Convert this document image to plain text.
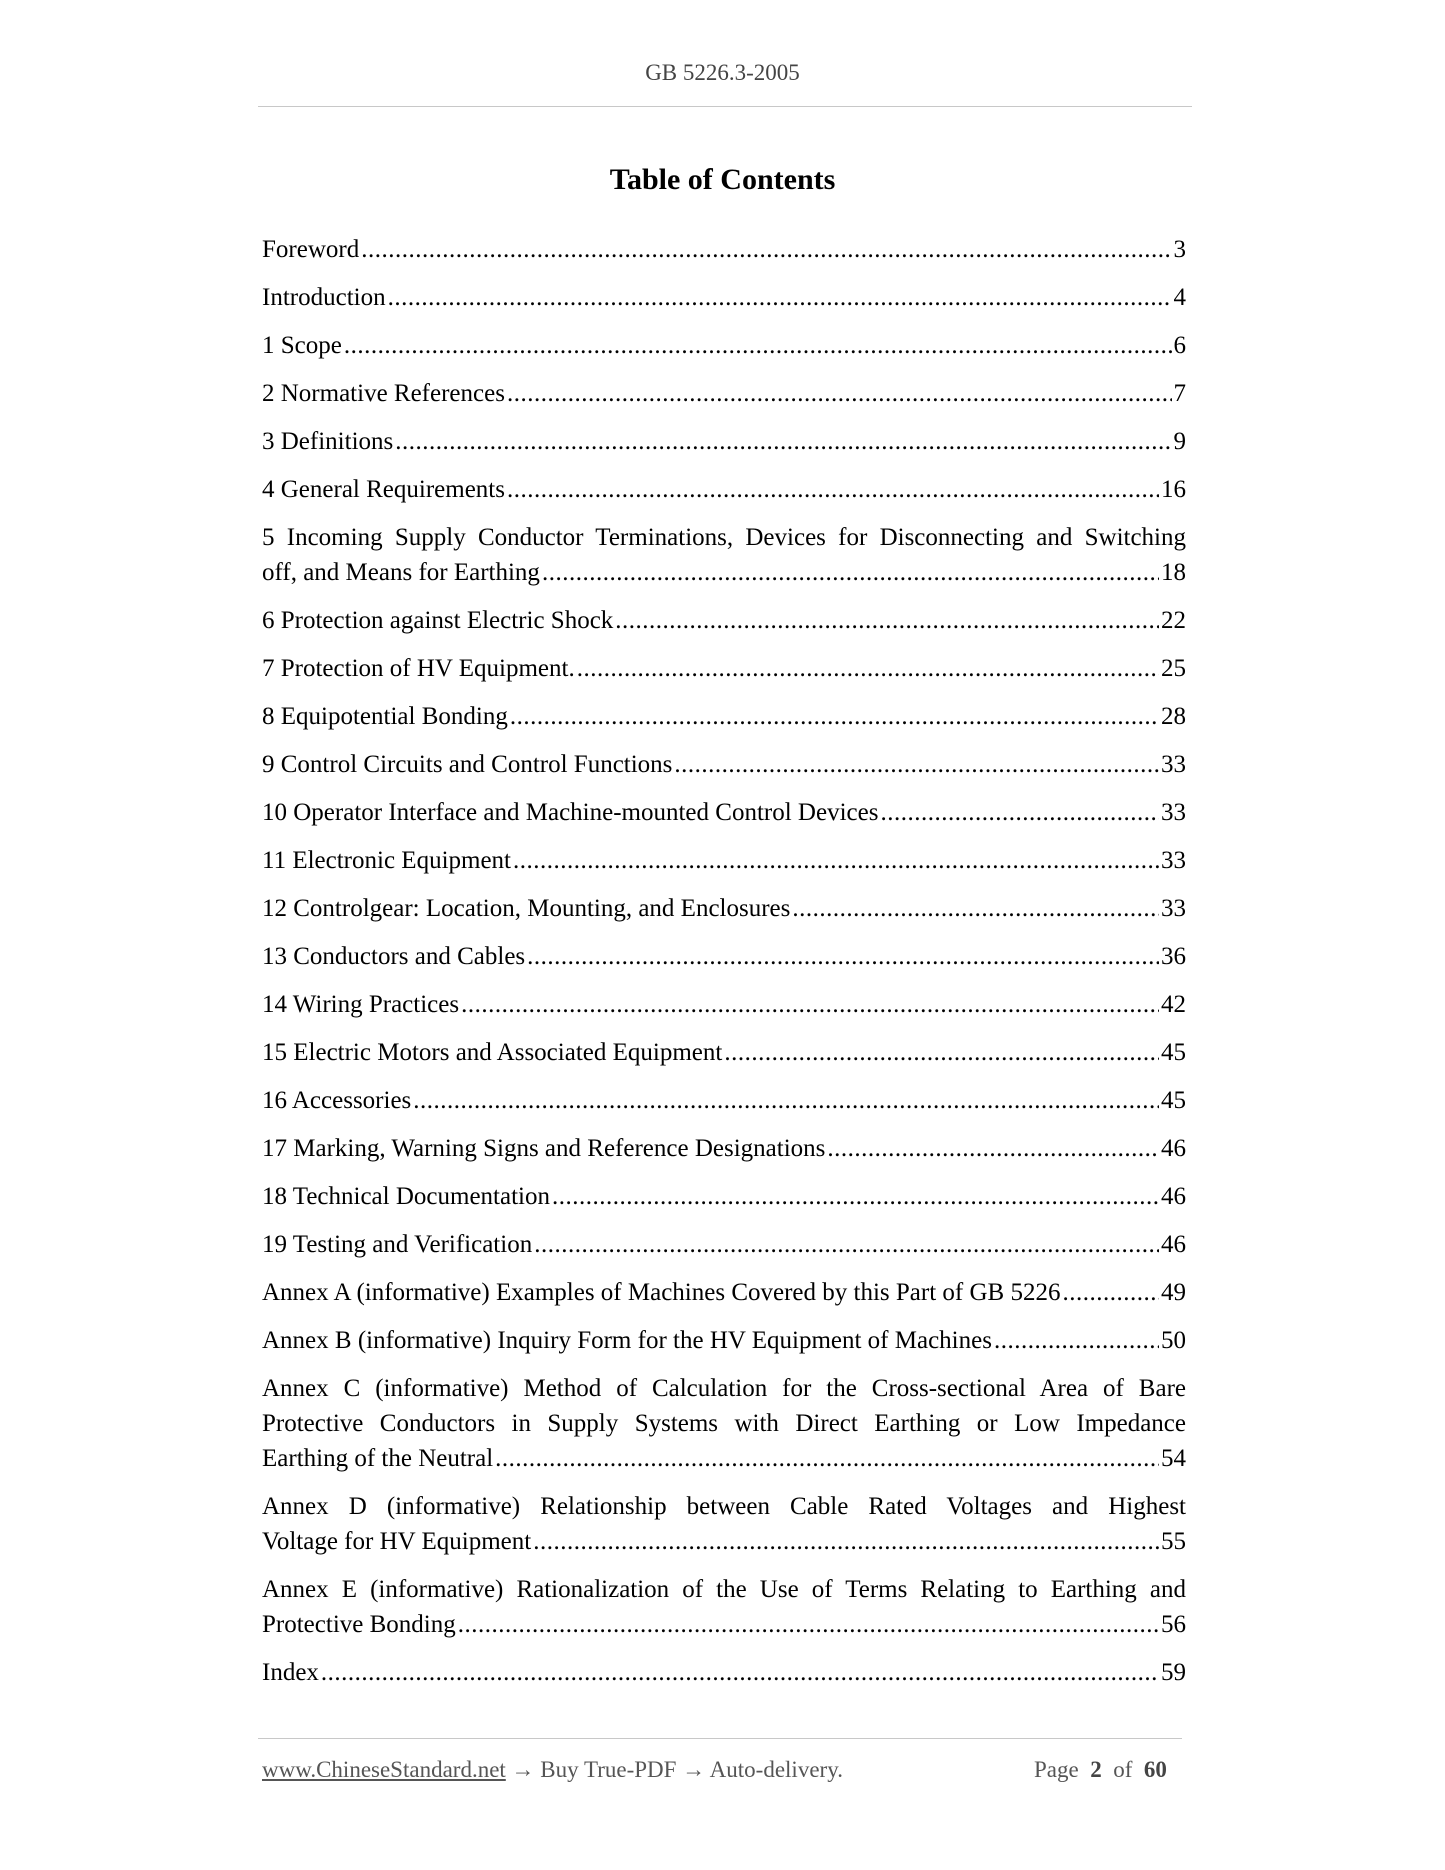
GB 5226.3-2005
Table of Contents
Foreword .....	3
Introduction .....	4
1 Scope .....	6
2 Normative References .....	7
3 Definitions .....	9
4 General Requirements .....	16
5 Incoming Supply Conductor Terminations, Devices for Disconnecting and Switching
off, and Means for Earthing .....	18
6 Protection against Electric Shock .....	22
7 Protection of HV Equipment. .....	25
8 Equipotential Bonding .....	28
9 Control Circuits and Control Functions .....	33
10 Operator Interface and Machine-mounted Control Devices .....	33
11 Electronic Equipment .....	33
12 Controlgear: Location, Mounting, and Enclosures .....	33
13 Conductors and Cables .....	36
14 Wiring Practices .....	42
15 Electric Motors and Associated Equipment .....	45
16 Accessories .....	45
17 Marking, Warning Signs and Reference Designations .....	46
18 Technical Documentation .....	46
19 Testing and Verification .....	46
Annex A (informative) Examples of Machines Covered by this Part of GB 5226 .....	49
Annex B (informative) Inquiry Form for the HV Equipment of Machines .....	50
Annex C (informative) Method of Calculation for the Cross-sectional Area of Bare Protective Conductors in Supply Systems with Direct Earthing or Low Impedance
Earthing of the Neutral .....	54
Annex D (informative) Relationship between Cable Rated Voltages and Highest
Voltage for HV Equipment .....	55
Annex E (informative) Rationalization of the Use of Terms Relating to Earthing and
Protective Bonding .....	56
Index .....	59
www.ChineseStandard.net → Buy True-PDF → Auto-delivery.	Page 2 of 60
